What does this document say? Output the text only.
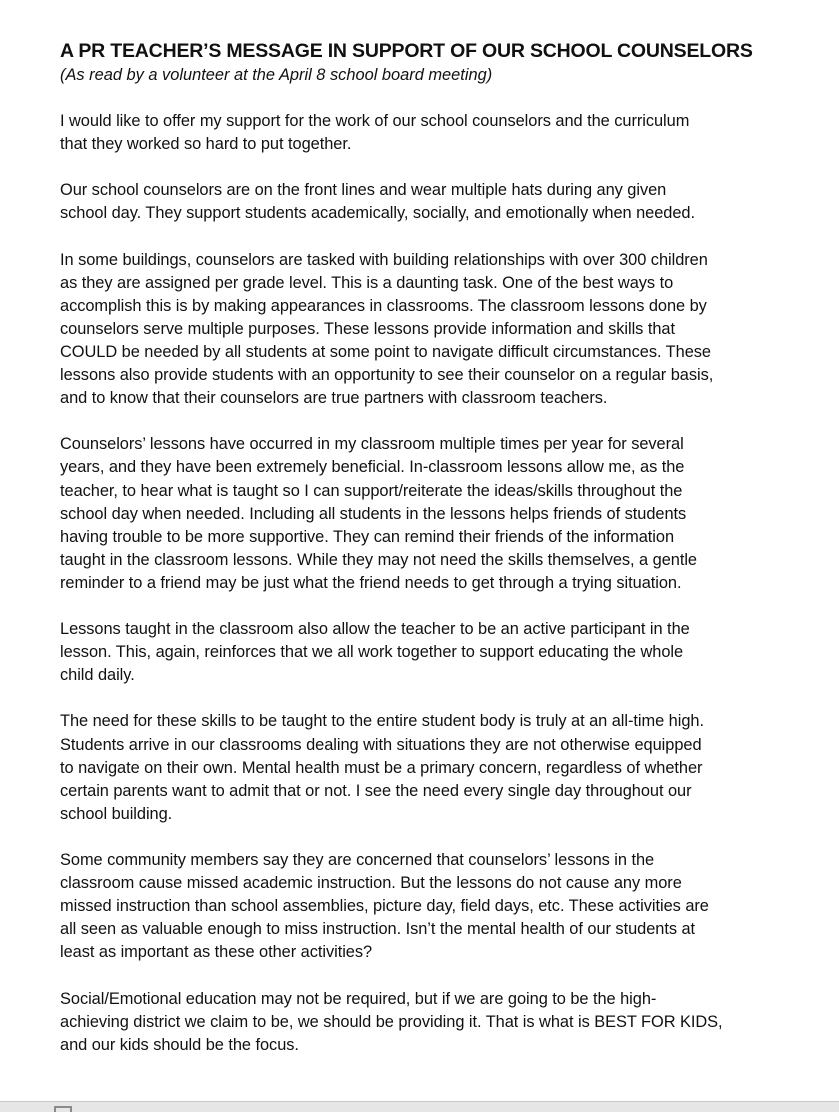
A PR TEACHER’S MESSAGE IN SUPPORT OF OUR SCHOOL COUNSELORS
(As read by a volunteer at the April 8 school board meeting)

I would like to offer my support for the work of our school counselors and the curriculum
that they worked so hard to put together.

Our school counselors are on the front lines and wear multiple hats during any given
school day. They support students academically, socially, and emotionally when needed.

In some buildings, counselors are tasked with building relationships with over 300 children
as they are assigned per grade level. This is a daunting task. One of the best ways to
accomplish this is by making appearances in classrooms. The classroom lessons done by
counselors serve multiple purposes. These lessons provide information and skills that
COULD be needed by all students at some point to navigate difficult circumstances. These
lessons also provide students with an opportunity to see their counselor on a regular basis,
and to know that their counselors are true partners with classroom teachers.

Counselors’ lessons have occurred in my classroom multiple times per year for several
years, and they have been extremely beneficial. In-classroom lessons allow me, as the
teacher, to hear what is taught so I can support/reiterate the ideas/skills throughout the
school day when needed. Including all students in the lessons helps friends of students
having trouble to be more supportive. They can remind their friends of the information
taught in the classroom lessons. While they may not need the skills themselves, a gentle
reminder to a friend may be just what the friend needs to get through a trying situation.

Lessons taught in the classroom also allow the teacher to be an active participant in the
lesson. This, again, reinforces that we all work together to support educating the whole
child daily.

The need for these skills to be taught to the entire student body is truly at an all-time high.
Students arrive in our classrooms dealing with situations they are not otherwise equipped
to navigate on their own. Mental health must be a primary concern, regardless of whether
certain parents want to admit that or not. I see the need every single day throughout our
school building.

Some community members say they are concerned that counselors’ lessons in the
classroom cause missed academic instruction. But the lessons do not cause any more
missed instruction than school assemblies, picture day, field days, etc. These activities are
all seen as valuable enough to miss instruction. Isn’t the mental health of our students at
least as important as these other activities?

Social/Emotional education may not be required, but if we are going to be the high-
achieving district we claim to be, we should be providing it. That is what is BEST FOR KIDS,
and our kids should be the focus.
